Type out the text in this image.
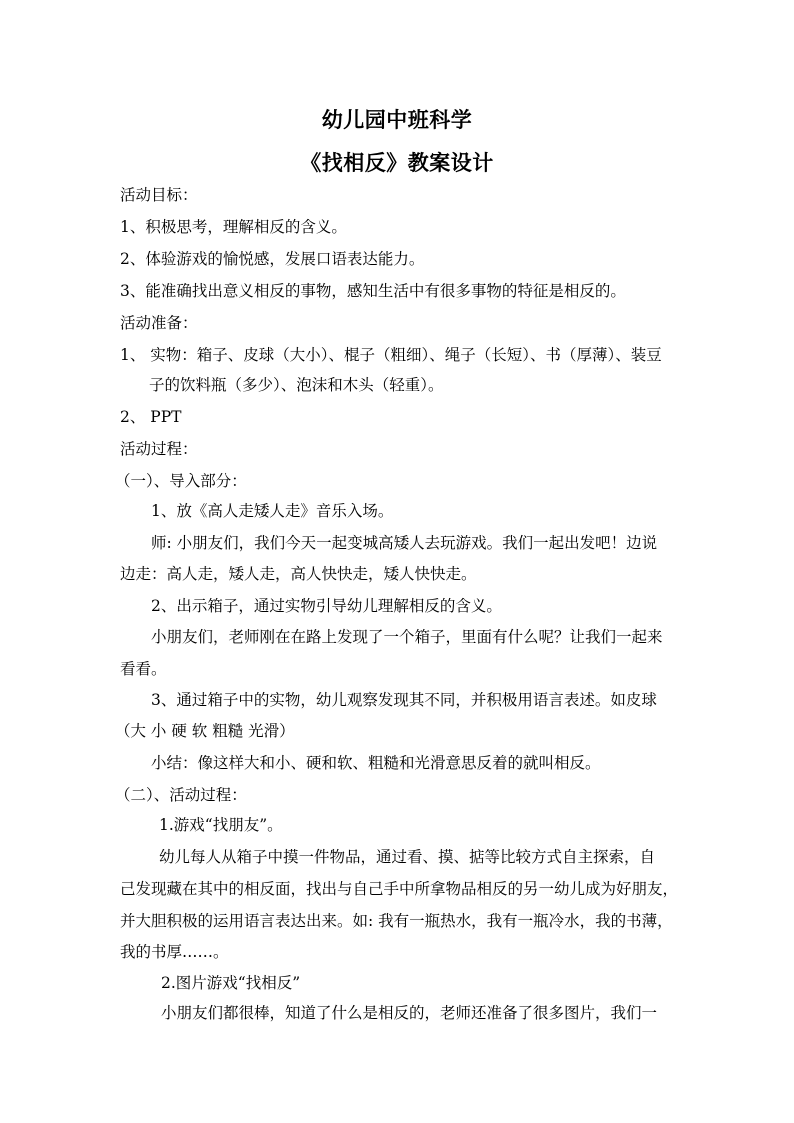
幼儿园中班科学
《找相反》教案设计
活动目标：
1、积极思考，理解相反的含义。
2、体验游戏的愉悦感，发展口语表达能力。
3、能准确找出意义相反的事物，感知生活中有很多事物的特征是相反的。
活动准备：
1、 实物：箱子、皮球（大小）、棍子（粗细）、绳子（长短）、书（厚薄）、装豆
子的饮料瓶（多少）、泡沫和木头（轻重）。
2、 PPT
活动过程：
（一）、导入部分：
1、放《高人走矮人走》音乐入场。
师: 小朋友们，我们今天一起变城高矮人去玩游戏。我们一起出发吧！边说
边走：高人走，矮人走，高人快快走，矮人快快走。
2、出示箱子，通过实物引导幼儿理解相反的含义。
小朋友们，老师刚在在路上发现了一个箱子，里面有什么呢？让我们一起来
看看。
3、通过箱子中的实物，幼儿观察发现其不同，并积极用语言表述。如皮球
（大 小 硬 软 粗糙 光滑）
小结：像这样大和小、硬和软、粗糙和光滑意思反着的就叫相反。
（二）、活动过程：
1.游戏“找朋友”。
幼儿每人从箱子中摸一件物品，通过看、摸、掂等比较方式自主探索，自
己发现藏在其中的相反面，找出与自己手中所拿物品相反的另一幼儿成为好朋友，
并大胆积极的运用语言表达出来。如: 我有一瓶热水，我有一瓶冷水，我的书薄，
我的书厚……。
2.图片游戏“找相反”
小朋友们都很棒，知道了什么是相反的，老师还准备了很多图片，我们一
